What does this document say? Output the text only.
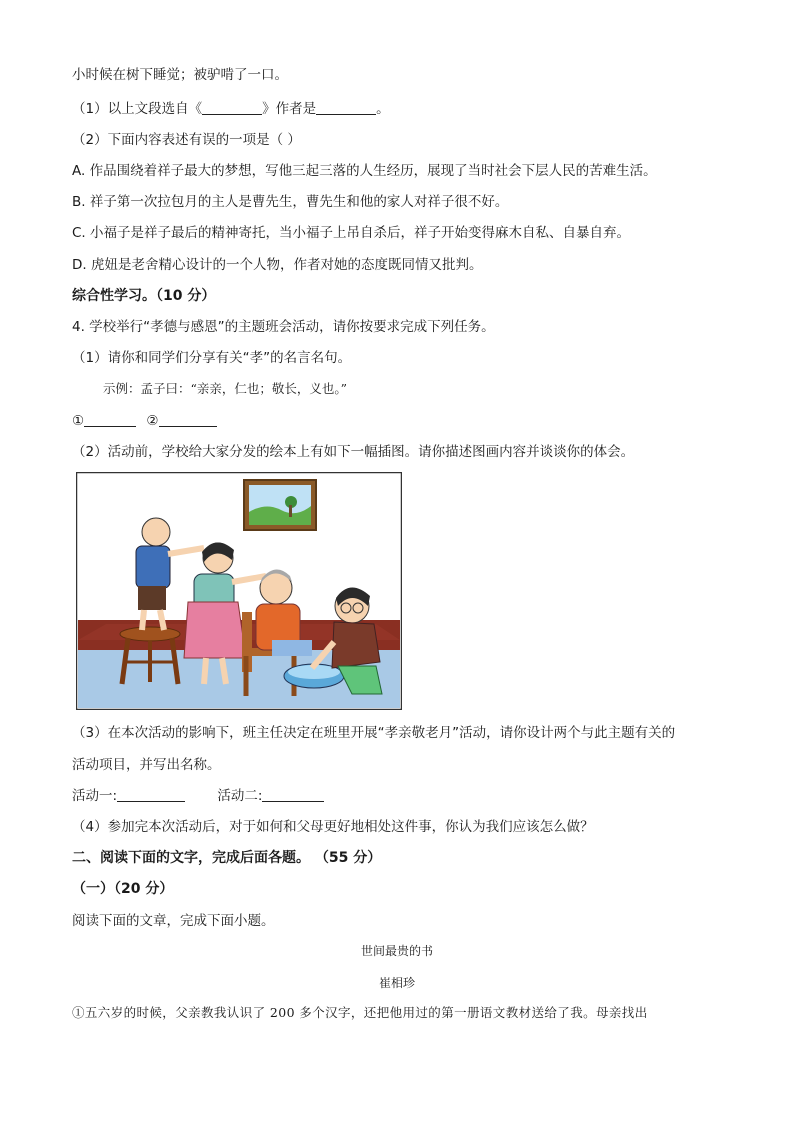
小时候在树下睡觉；被驴啃了一口。
（1）以上文段选自《	》作者是	。
（2）下面内容表述有误的一项是（ ）
A. 作品围绕着祥子最大的梦想，写他三起三落的人生经历，展现了当时社会下层人民的苦难生活。
B. 祥子第一次拉包月的主人是曹先生，曹先生和他的家人对祥子很不好。
C. 小福子是祥子最后的精神寄托，当小福子上吊自杀后，祥子开始变得麻木自私、自暴自弃。
D. 虎妞是老舍精心设计的一个人物，作者对她的态度既同情又批判。
综合性学习。（10 分）
4. 学校举行“孝德与感恩”的主题班会活动，请你按要求完成下列任务。
（1）请你和同学们分享有关“孝”的名言名句。
示例：孟子曰：“亲亲，仁也；敬长，义也。”
①	②
（2）活动前，学校给大家分发的绘本上有如下一幅插图。请你描述图画内容并谈谈你的体会。
（3）在本次活动的影响下，班主任决定在班里开展“孝亲敬老月”活动，请你设计两个与此主题有关的
活动项目，并写出名称。
活动一:	活动二:
（4）参加完本次活动后，对于如何和父母更好地相处这件事，你认为我们应该怎么做？
二、阅读下面的文字，完成后面各题。 （55 分）
（一）（20 分）
阅读下面的文章，完成下面小题。
世间最贵的书
崔相珍
①五六岁的时候，父亲教我认识了 200 多个汉字，还把他用过的第一册语文教材送给了我。母亲找出
